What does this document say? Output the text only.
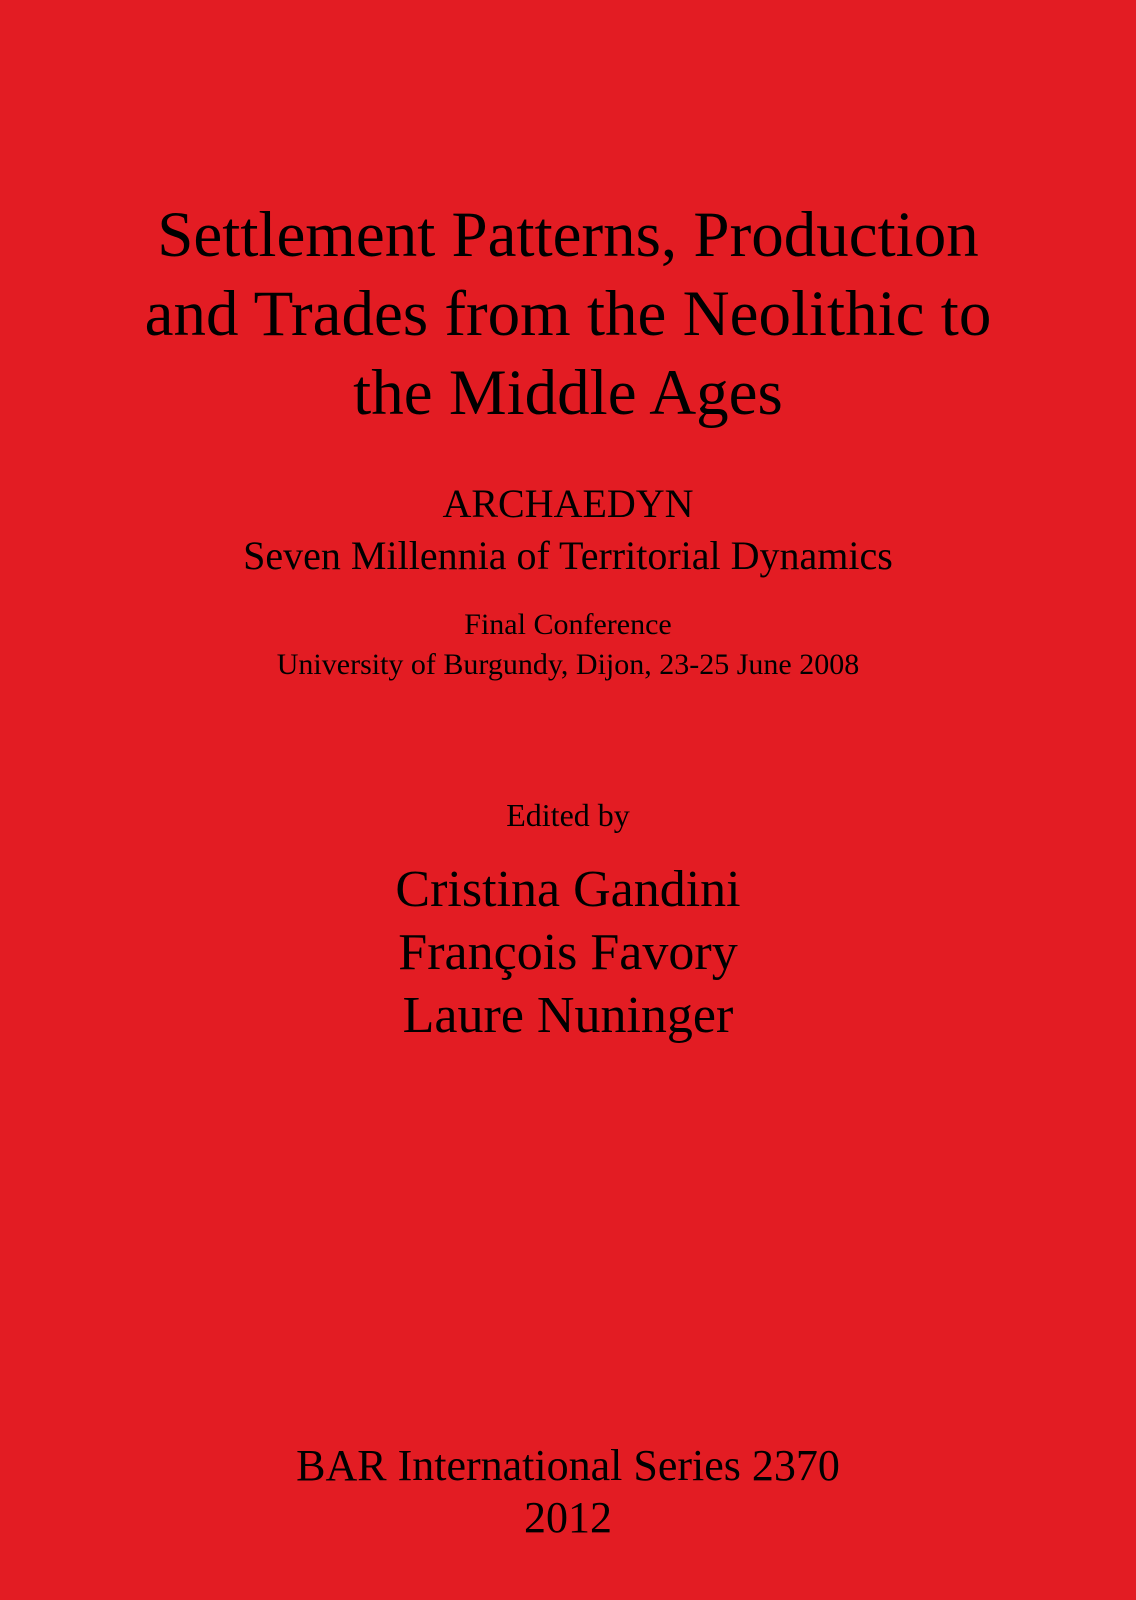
Settlement Patterns, Production
and Trades from the Neolithic to
the Middle Ages
ARCHAEDYN
Seven Millennia of Territorial Dynamics
Final Conference
University of Burgundy, Dijon, 23-25 June 2008
Edited by
Cristina Gandini
François Favory
Laure Nuninger
BAR International Series 2370
2012
